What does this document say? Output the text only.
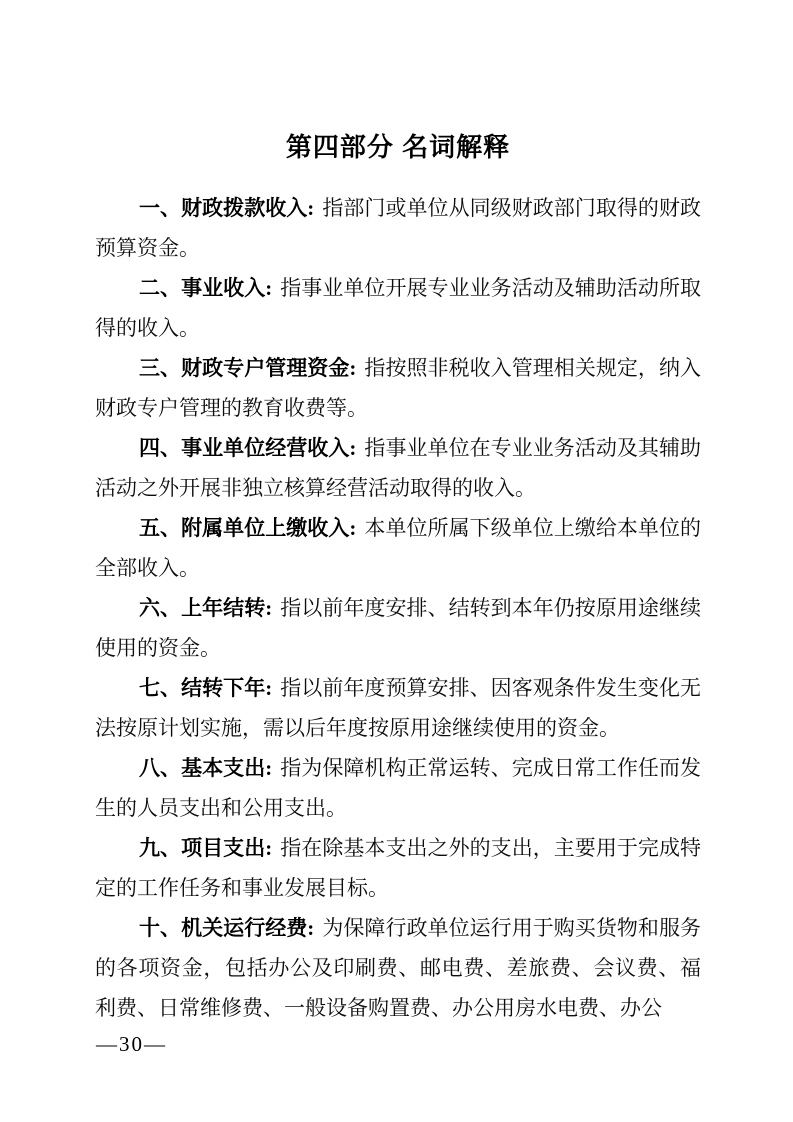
第四部分 名词解释

一、财政拨款收入: 指部门或单位从同级财政部门取得的财政预算资金。

二、事业收入: 指事业单位开展专业业务活动及辅助活动所取得的收入。

三、财政专户管理资金: 指按照非税收入管理相关规定，纳入财政专户管理的教育收费等。

四、事业单位经营收入: 指事业单位在专业业务活动及其辅助活动之外开展非独立核算经营活动取得的收入。

五、附属单位上缴收入: 本单位所属下级单位上缴给本单位的全部收入。

六、上年结转: 指以前年度安排、结转到本年仍按原用途继续使用的资金。

七、结转下年: 指以前年度预算安排、因客观条件发生变化无法按原计划实施，需以后年度按原用途继续使用的资金。

八、基本支出: 指为保障机构正常运转、完成日常工作任而发生的人员支出和公用支出。

九、项目支出: 指在除基本支出之外的支出，主要用于完成特定的工作任务和事业发展目标。

十、机关运行经费: 为保障行政单位运行用于购买货物和服务的各项资金，包括办公及印刷费、邮电费、差旅费、会议费、福利费、日常维修费、一般设备购置费、办公用房水电费、办公

—30—
